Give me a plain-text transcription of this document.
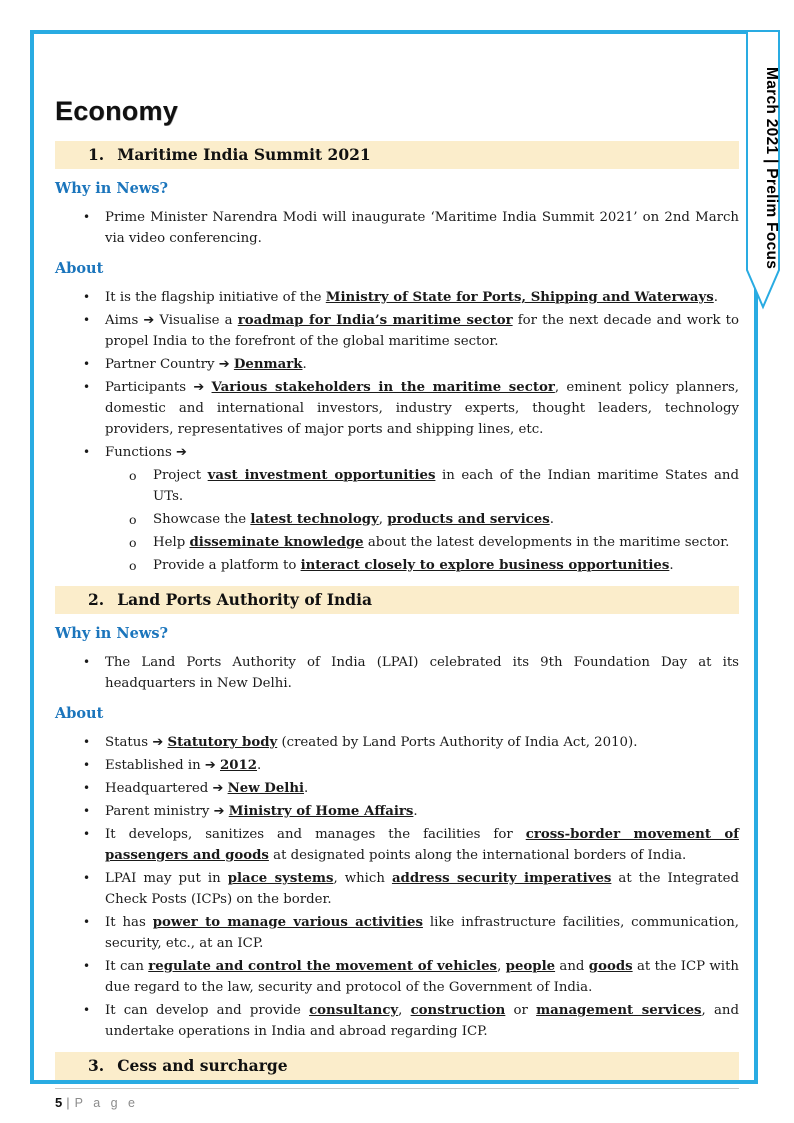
March 2021 | Prelim Focus
Economy
1. Maritime India Summit 2021
Why in News?
•	Prime Minister Narendra Modi will inaugurate ‘Maritime India Summit 2021’ on 2nd March via video conferencing.
About
•	It is the flagship initiative of the Ministry of State for Ports, Shipping and Waterways.
•	Aims ➔ Visualise a roadmap for India’s maritime sector for the next decade and work to propel India to the forefront of the global maritime sector.
•	Partner Country ➔ Denmark.
•	Participants ➔ Various stakeholders in the maritime sector, eminent policy planners, domestic and international investors, industry experts, thought leaders, technology providers, representatives of major ports and shipping lines, etc.
•	Functions ➔
o	Project vast investment opportunities in each of the Indian maritime States and UTs.
o	Showcase the latest technology, products and services.
o	Help disseminate knowledge about the latest developments in the maritime sector.
o	Provide a platform to interact closely to explore business opportunities.
2. Land Ports Authority of India
Why in News?
•	The Land Ports Authority of India (LPAI) celebrated its 9th Foundation Day at its headquarters in New Delhi.
About
•	Status ➔ Statutory body (created by Land Ports Authority of India Act, 2010).
•	Established in ➔ 2012.
•	Headquartered ➔ New Delhi.
•	Parent ministry ➔ Ministry of Home Affairs.
•	It develops, sanitizes and manages the facilities for cross-border movement of passengers and goods at designated points along the international borders of India.
•	LPAI may put in place systems, which address security imperatives at the Integrated Check Posts (ICPs) on the border.
•	It has power to manage various activities like infrastructure facilities, communication, security, etc., at an ICP.
•	It can regulate and control the movement of vehicles, people and goods at the ICP with due regard to the law, security and protocol of the Government of India.
•	It can develop and provide consultancy, construction or management services, and undertake operations in India and abroad regarding ICP.
3. Cess and surcharge
5 | P a g e
